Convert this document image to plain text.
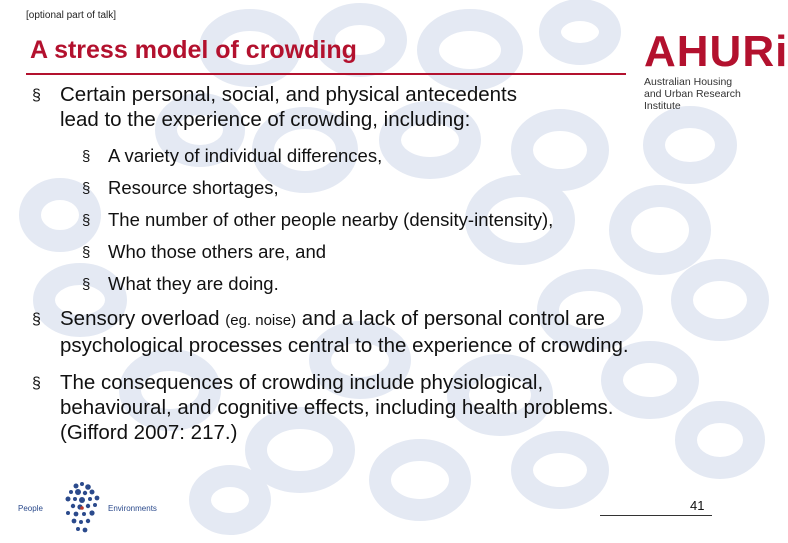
[optional part of talk]
A stress model of crowding	AHURi
Australian Housing
and Urban Research Institute
§ Certain personal, social, and physical antecedents
lead to the experience of crowding, including:
§ A variety of individual differences,
§ Resource shortages,
§ The number of other people nearby (density-intensity),
§ Who those others are, and
§ What they are doing.
§ Sensory overload (eg. noise) and a lack of personal control are
psychological processes central to the experience of crowding.
§ The consequences of crowding include physiological,
behavioural, and cognitive effects, including health problems.
(Gifford 2007: 217.)
People	Environments	41
